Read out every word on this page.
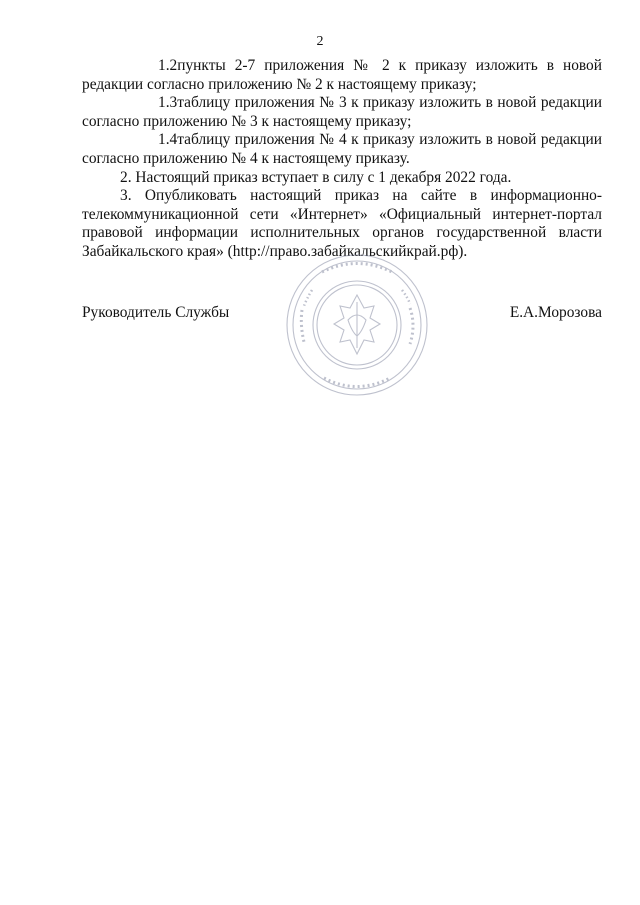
2

1.2пункты 2-7 приложения № 2 к приказу изложить в новой редакции согласно приложению № 2 к настоящему приказу;

1.3таблицу приложения № 3 к приказу изложить в новой редакции согласно приложению № 3 к настоящему приказу;

1.4таблицу приложения № 4 к приказу изложить в новой редакции согласно приложению № 4 к настоящему приказу.

2. Настоящий приказ вступает в силу с 1 декабря 2022 года.

3. Опубликовать настоящий приказ на сайте в информационно-телекоммуникационной сети «Интернет» «Официальный интернет-портал правовой информации исполнительных органов государственной власти Забайкальского края» (http://право.забайкальскийкрай.рф).

Руководитель Службы	Е.А.Морозова
